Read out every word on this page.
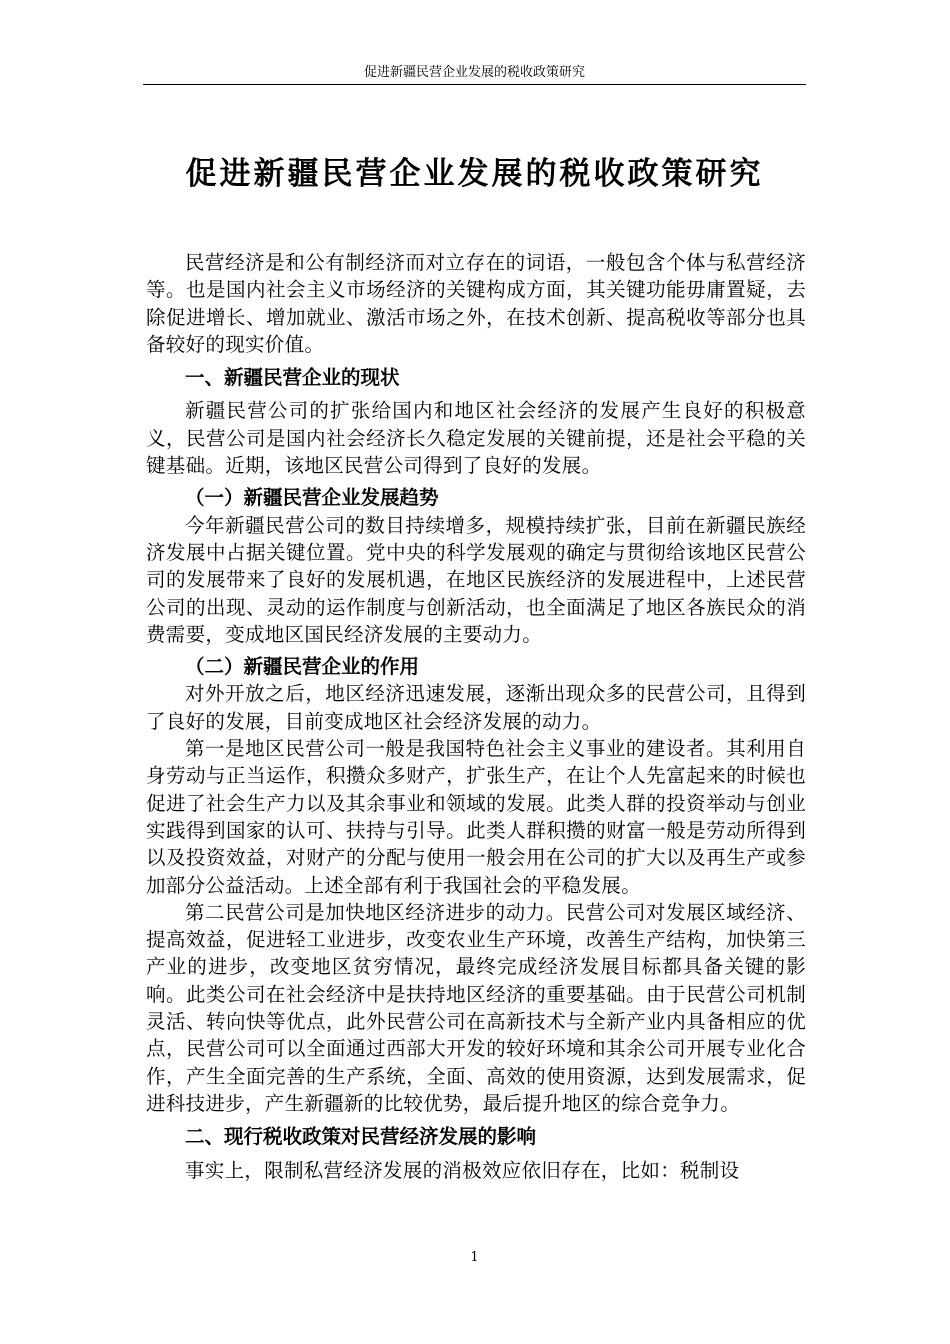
促进新疆民营企业发展的税收政策研究
促进新疆民营企业发展的税收政策研究

民营经济是和公有制经济而对立存在的词语，一般包含个体与私营经济等。也是国内社会主义市场经济的关键构成方面，其关键功能毋庸置疑，去除促进增长、增加就业、激活市场之外，在技术创新、提高税收等部分也具备较好的现实价值。

一、新疆民营企业的现状

新疆民营公司的扩张给国内和地区社会经济的发展产生良好的积极意义，民营公司是国内社会经济长久稳定发展的关键前提，还是社会平稳的关键基础。近期，该地区民营公司得到了良好的发展。

（一）新疆民营企业发展趋势

今年新疆民营公司的数目持续增多，规模持续扩张，目前在新疆民族经济发展中占据关键位置。党中央的科学发展观的确定与贯彻给该地区民营公司的发展带来了良好的发展机遇，在地区民族经济的发展进程中，上述民营公司的出现、灵动的运作制度与创新活动，也全面满足了地区各族民众的消费需要，变成地区国民经济发展的主要动力。

（二）新疆民营企业的作用

对外开放之后，地区经济迅速发展，逐渐出现众多的民营公司，且得到了良好的发展，目前变成地区社会经济发展的动力。

第一是地区民营公司一般是我国特色社会主义事业的建设者。其利用自身劳动与正当运作，积攒众多财产，扩张生产，在让个人先富起来的时候也促进了社会生产力以及其余事业和领域的发展。此类人群的投资举动与创业实践得到国家的认可、扶持与引导。此类人群积攒的财富一般是劳动所得到以及投资效益，对财产的分配与使用一般会用在公司的扩大以及再生产或参加部分公益活动。上述全部有利于我国社会的平稳发展。

第二民营公司是加快地区经济进步的动力。民营公司对发展区域经济、提高效益，促进轻工业进步，改变农业生产环境，改善生产结构，加快第三产业的进步，改变地区贫穷情况，最终完成经济发展目标都具备关键的影响。此类公司在社会经济中是扶持地区经济的重要基础。由于民营公司机制灵活、转向快等优点，此外民营公司在高新技术与全新产业内具备相应的优点，民营公司可以全面通过西部大开发的较好环境和其余公司开展专业化合作，产生全面完善的生产系统，全面、高效的使用资源，达到发展需求，促进科技进步，产生新疆新的比较优势，最后提升地区的综合竞争力。

二、现行税收政策对民营经济发展的影响

事实上，限制私营经济发展的消极效应依旧存在，比如：税制设

1
